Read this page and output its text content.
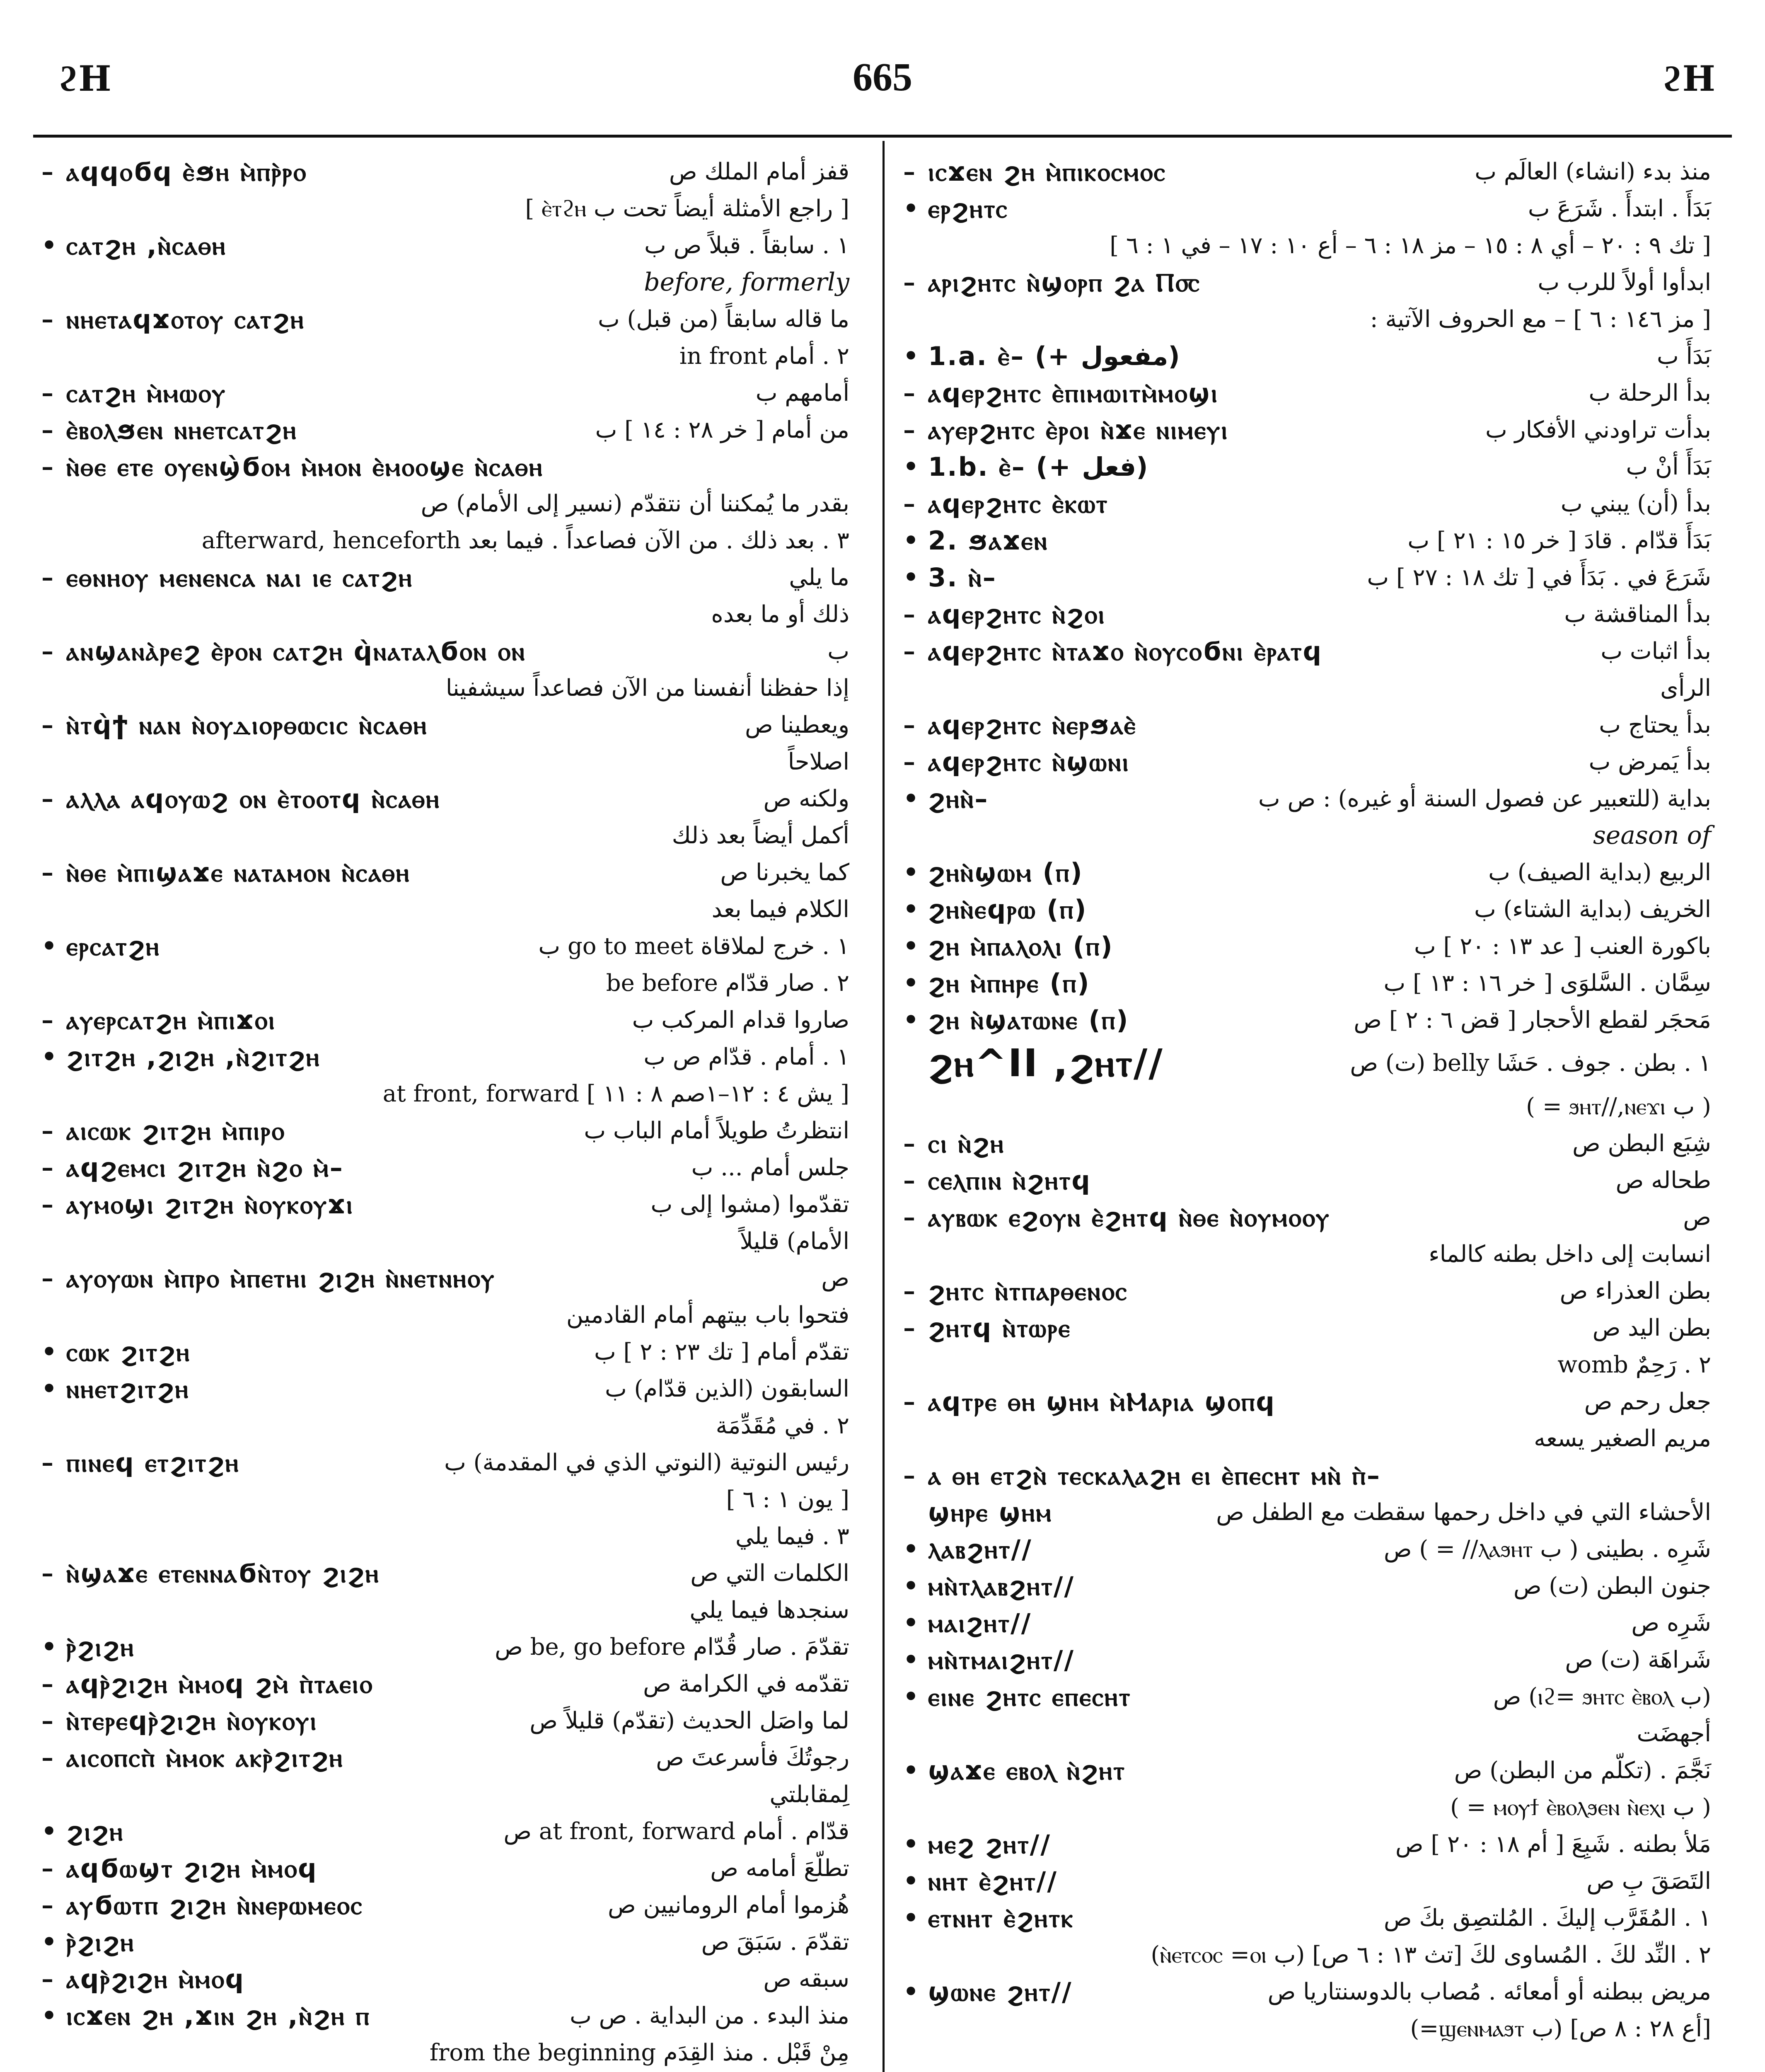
ϩΗ	665	ϩΗ
– ⲁϥϥⲟϭϥ ⲉ̀ϧⲏ ⲙ̀ⲡⲣ̀ⲣⲟ	قفز أمام الملك ص
[ راجع الأمثلة أيضاً تحت ب ⲉ̀ⲧϩⲏ ]
• ⲥⲁⲧϩⲏ ,ⲛ̀ⲥⲁⲑⲏ	١ . سابقاً . قبلاً ص ب
before, formerly
– ⲛⲏⲉⲧⲁϥϫⲟⲧⲟⲩ ⲥⲁⲧϩⲏ	ما قاله سابقاً (من قبل) ب
٢ . أمام in front
– ⲥⲁⲧϩⲏ ⲙ̀ⲙⲱⲟⲩ	أمامهم ب
– ⲉ̀ⲃⲟⲗϧⲉⲛ ⲛⲏⲉⲧⲥⲁⲧϩⲏ	من أمام [ خر ٢٨ : ١٤ ] ب
– ⲛ̀ⲑⲉ ⲉⲧⲉ ⲟⲩⲉⲛϣ̀ϭⲟⲙ ⲙ̀ⲙⲟⲛ ⲉ̀ⲙⲟⲟϣⲉ ⲛ̀ⲥⲁⲑⲏ
بقدر ما يُمكننا أن نتقدّم (نسير إلى الأمام) ص
٣ . بعد ذلك . من الآن فصاعداً . فيما بعد afterward, henceforth
– ⲉⲑⲛⲏⲟⲩ ⲙⲉⲛⲉⲛⲥⲁ ⲛⲁⲓ ⲓⲉ ⲥⲁⲧϩⲏ	ما يلي
ذلك أو ما بعده
– ⲁⲛϣⲁⲛⲁ̀ⲣⲉϩ ⲉ̀ⲣⲟⲛ ⲥⲁⲧϩⲏ ϥ̀ⲛⲁⲧⲁⲗϭⲟⲛ ⲟⲛ	ب
إذا حفظنا أنفسنا من الآن فصاعداً سيشفينا
– ⲛ̀ⲧϥ̀ϯ ⲛⲁⲛ ⲛ̀ⲟⲩⲇⲓⲟⲣⲑⲱⲥⲓⲥ ⲛ̀ⲥⲁⲑⲏ	ويعطينا ص
اصلاحاً
– ⲁⲗⲗⲁ ⲁϥⲟⲩⲱϩ ⲟⲛ ⲉ̀ⲧⲟⲟⲧϥ ⲛ̀ⲥⲁⲑⲏ	ولكنه ص
أكمل أيضاً بعد ذلك
– ⲛ̀ⲑⲉ ⲙ̀ⲡⲓϣⲁϫⲉ ⲛⲁⲧⲁⲙⲟⲛ ⲛ̀ⲥⲁⲑⲏ	كما يخبرنا ص
الكلام فيما بعد
• ⲉⲣⲥⲁⲧϩⲏ	١ . خرج لملاقاة go to meet ب
٢ . صار قدّام be before
– ⲁⲩⲉⲣⲥⲁⲧϩⲏ ⲙ̀ⲡⲓϫⲟⲓ	صاروا قدام المركب ب
• ϩⲓⲧϩⲏ ,ϩⲓϩⲏ ,ⲛ̀ϩⲓⲧϩⲏ	١ . أمام . قدّام ص ب
[ يش ٤ : ١٢–١صم ٨ : ١١ ] at front, forward
– ⲁⲓⲥⲱⲕ ϩⲓⲧϩⲏ ⲙ̀ⲡⲓⲣⲟ	انتظرتُ طويلاً أمام الباب ب
– ⲁϥϩⲉⲙⲥⲓ ϩⲓⲧϩⲏ ⲛ̀ϩⲟ ⲙ̀–	جلس أمام ... ب
– ⲁⲩⲙⲟϣⲓ ϩⲓⲧϩⲏ ⲛ̀ⲟⲩⲕⲟⲩϫⲓ	تقدّموا (مشوا إلى ب
الأمام) قليلاً
– ⲁⲩⲟⲩⲱⲛ ⲙ̀ⲡⲣⲟ ⲙ̀ⲡⲉⲧⲏⲓ ϩⲓϩⲏ ⲛ̀ⲛⲉⲧⲛⲏⲟⲩ	ص
فتحوا باب بيتهم أمام القادمين
• ⲥⲱⲕ ϩⲓⲧϩⲏ	تقدّم أمام [ تك ٢٣ : ٢ ] ب
• ⲛⲏⲉⲧϩⲓⲧϩⲏ	السابقون (الذين قدّام) ب
٢ . في مُقَدِّمَة
– ⲡⲓⲛⲉϥ ⲉⲧϩⲓⲧϩⲏ	رئيس النوتية (النوتي الذي في المقدمة) ب
[ يون ١ : ٦ ]
٣ . فيما يلي
– ⲛ̀ϣⲁϫⲉ ⲉⲧⲉⲛⲛⲁϭⲛ̀ⲧⲟⲩ ϩⲓϩⲏ	الكلمات التي ص
سنجدها فيما يلي
• ⲣ̀ϩⲓϩⲏ	تقدّمَ . صار قُدّام be, go before ص
– ⲁϥⲣ̀ϩⲓϩⲏ ⲙ̀ⲙⲟϥ ϩⲙ̀ ⲡ̀ⲧⲁⲉⲓⲟ	تقدّمه في الكرامة ص
– ⲛ̀ⲧⲉⲣⲉϥⲣ̀ϩⲓϩⲏ ⲛ̀ⲟⲩⲕⲟⲩⲓ	لما واصَل الحديث (تقدّم) قليلاً ص
– ⲁⲓⲥⲟⲡⲥⲡ̀ ⲙ̀ⲙⲟⲕ ⲁⲕⲣ̀ϩⲓⲧϩⲏ	رجوتُكَ فأسرعتَ ص
لِمقابلتي
• ϩⲓϩⲏ	قدّام . أمام at front, forward ص
– ⲁϥϭⲱϣⲧ ϩⲓϩⲏ ⲙ̀ⲙⲟϥ	تطلّعَ أمامه ص
– ⲁⲩϭⲱⲧⲡ ϩⲓϩⲏ ⲛ̀ⲛⲉⲣⲱⲙⲉⲟⲥ	هُزموا أمام الرومانيين ص
• ⲣ̀ϩⲓϩⲏ	تقدّمَ . سَبَقَ ص
– ⲁϥⲣ̀ϩⲓϩⲏ ⲙ̀ⲙⲟϥ	سبقه ص
• ⲓⲥϫⲉⲛ ϩⲏ ,ϫⲓⲛ ϩⲏ ,ⲛ̀ϩⲏ ⲡ	منذ البدء . من البداية . ص ب
مِنْ قَبْل . منذ القِدَم from the beginning
– ⲓⲥϫⲉⲛ ϩⲏ ⲙ̀ⲡⲓⲕⲟⲥⲙⲟⲥ	منذ بدء (انشاء) العالَم ب
• ⲉⲣϩⲏⲧⲥ	بَدَأَ . ابتدأَ . شَرَعَ ب
[ تك ٩ : ٢٠ – أي ٨ : ١٥ – مز ١٨ : ٦ – أع ١٠ : ١٧ – في ١ : ٦ ]
– ⲁⲣⲓϩⲏⲧⲥ ⲛ̀ϣⲟⲣⲡ ϩⲁ Ⲡ⳪	ابدأوا أولاً للرب ب
[ مز ١٤٦ : ٦ ] – مع الحروف الآتية :
• 1.a. ⲉ̀– (+ مفعول)	بَدَأَ ب
– ⲁϥⲉⲣϩⲏⲧⲥ ⲉ̀ⲡⲓⲙⲱⲓⲧⲙ̀ⲙⲟϣⲓ	بدأ الرحلة ب
– ⲁⲩⲉⲣϩⲏⲧⲥ ⲉ̀ⲣⲟⲓ ⲛ̀ϫⲉ ⲛⲓⲙⲉⲩⲓ	بدأت تراودني الأفكار ب
• 1.b. ⲉ̀– (+ فعل)	بَدَأَ أنْ ب
– ⲁϥⲉⲣϩⲏⲧⲥ ⲉ̀ⲕⲱⲧ	بدأ (أن) يبني ب
• 2. ϧⲁϫⲉⲛ	بَدَأَ قدّام . قادَ [ خر ١٥ : ٢١ ] ب
• 3. ⲛ̀–	شَرَعَ في . بَدَأَ في [ تك ١٨ : ٢٧ ] ب
– ⲁϥⲉⲣϩⲏⲧⲥ ⲛ̀ϩⲟⲓ	بدأ المناقشة ب
– ⲁϥⲉⲣϩⲏⲧⲥ ⲛ̀ⲧⲁϫⲟ ⲛ̀ⲟⲩⲥⲟϭⲛⲓ ⲉ̀ⲣⲁⲧϥ	بدأ اثبات ب
الرأى
– ⲁϥⲉⲣϩⲏⲧⲥ ⲛ̀ⲉⲣϧⲁⲉ̀	بدأ يحتاج ب
– ⲁϥⲉⲣϩⲏⲧⲥ ⲛ̀ϣⲱⲛⲓ	بدأ يَمرض ب
• ϩⲏⲛ̀–	بداية (للتعبير عن فصول السنة أو غيره) : ص ب
season of
• ϩⲏⲛ̀ϣⲱⲙ (ⲡ)	الربيع (بداية الصيف) ب
• ϩⲏⲛ̀ⲉϥⲣⲱ (ⲡ)	الخريف (بداية الشتاء) ب
• ϩⲏ ⲙ̀ⲡⲁⲗⲟⲗⲓ (ⲡ)	باكورة العنب [ عد ١٣ : ٢٠ ] ب
• ϩⲏ ⲙ̀ⲡⲏⲣⲉ (ⲡ)	سِمَّان . السَّلوَى [ خر ١٦ : ١٣ ] ب
• ϩⲏ ⲛ̀ϣⲁⲧⲱⲛⲉ (ⲡ)	مَحجَر لقطع الأحجار [ قض ٦ : ٢ ] ص
ϩⲏ^II ,ϩⲏⲧ//	١ . بطن . جوف . حَشَا belly (ت) ص
( ب ϧⲏⲧ//,ⲛⲉϫⲓ = )
– ⲥⲓ ⲛ̀ϩⲏ	شِبَع البطن ص
– ⲥⲉⲗⲡⲓⲛ ⲛ̀ϩⲏⲧϥ	طحاله ص
– ⲁⲩⲃⲱⲕ ⲉϩⲟⲩⲛ ⲉ̀ϩⲏⲧϥ ⲛ̀ⲑⲉ ⲛ̀ⲟⲩⲙⲟⲟⲩ	ص
انسابت إلى داخل بطنه كالماء
– ϩⲏⲧⲥ ⲛ̀ⲧⲡⲁⲣⲑⲉⲛⲟⲥ	بطن العذراء ص
– ϩⲏⲧϥ ⲛ̀ⲧⲱⲣⲉ	بطن اليد ص
٢ . رَحِمٌ womb
– ⲁϥⲧⲣⲉ ⲑⲏ ϣⲏⲙ ⲙ̀Ⲙⲁⲣⲓⲁ ϣⲟⲡϥ	جعل رحم ص
مريم الصغير يسعه
– ⲁ ⲑⲏ ⲉⲧϩⲛ̀ ⲧⲉⲥⲕⲁⲗⲁϩⲏ ⲉⲓ ⲉ̀ⲡⲉⲥⲏⲧ ⲙⲛ̀ ⲡ̀–
ϣⲏⲣⲉ ϣⲏⲙ	الأحشاء التي في داخل رحمها سقطت مع الطفل ص
• ⲗⲁⲃϩⲏⲧ//	شَرِه . بطينى ( ب ⲗⲁϧⲏⲧ// = ) ص
• ⲙⲛ̀ⲧⲗⲁⲃϩⲏⲧ//	جنون البطن (ت) ص
• ⲙⲁⲓϩⲏⲧ//	شَرِه ص
• ⲙⲛ̀ⲧⲙⲁⲓϩⲏⲧ//	شَراهَة (ت) ص
• ⲉⲓⲛⲉ ϩⲏⲧⲥ ⲉⲡⲉⲥⲏⲧ	(ب ⲓϩ= ϧⲏⲧⲥ ⲉ̀ⲃⲟⲗ) ص
أجهضَت
• ϣⲁϫⲉ ⲉⲃⲟⲗ ⲛ̀ϩⲏⲧ	نَجَّمَ . (تكلّم من البطن) ص
( ب ⲙⲟⲩϯ ⲉ̀ⲃⲟⲗϧⲉⲛ ⲛ̀ⲉⲭⲓ = )
• ⲙⲉϩ ϩⲏⲧ//	مَلأ بطنه . شَبِعَ [ أم ١٨ : ٢٠ ] ص
• ⲛⲏⲧ ⲉ̀ϩⲏⲧ//	التَصَقَ بِ ص
• ⲉⲧⲛⲏⲧ ⲉ̀ϩⲏⲧⲕ	١ . المُقَرَّب إليكَ . المُلتصِق بكَ ص
٢ . النِّد لكَ . المُساوى لكَ [تث ١٣ : ٦ ص] (ب ⲛ̀ⲉⲧⲥⲟⲥ =ⲟⲓ)
• ϣⲱⲛⲉ ϩⲏⲧ//	مريض ببطنه أو أمعائه . مُصاب بالدوسنتاريا ص
[أع ٢٨ : ٨ ص] (ب ϣⲉⲛⲙⲁϧⲧ=)
